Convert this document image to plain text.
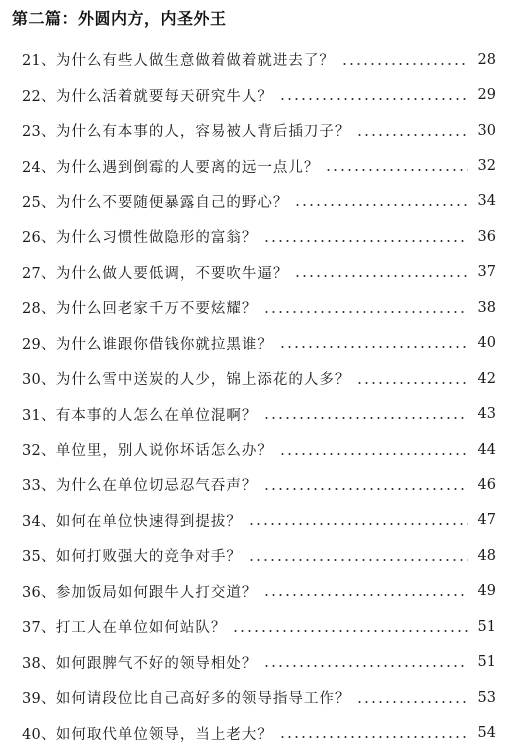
第二篇：外圆内方，内圣外王
21、 为什么有些人做生意做着做着就进去了？	28
22、 为什么活着就要每天研究牛人？	29
23、 为什么有本事的人，容易被人背后插刀子？	30
24、 为什么遇到倒霉的人要离的远一点儿？	32
25、 为什么不要随便暴露自己的野心？	34
26、 为什么习惯性做隐形的富翁？	36
27、 为什么做人要低调，不要吹牛逼？	37
28、 为什么回老家千万不要炫耀？	38
29、 为什么谁跟你借钱你就拉黑谁？	40
30、 为什么雪中送炭的人少，锦上添花的人多？	42
31、 有本事的人怎么在单位混啊？	43
32、 单位里，别人说你坏话怎么办？	44
33、 为什么在单位切忌忍气吞声？	46
34、 如何在单位快速得到提拔？	47
35、 如何打败强大的竞争对手？	48
36、 参加饭局如何跟牛人打交道？	49
37、 打工人在单位如何站队？	51
38、 如何跟脾气不好的领导相处？	51
39、 如何请段位比自己高好多的领导指导工作？	53
40、 如何取代单位领导，当上老大？	54
